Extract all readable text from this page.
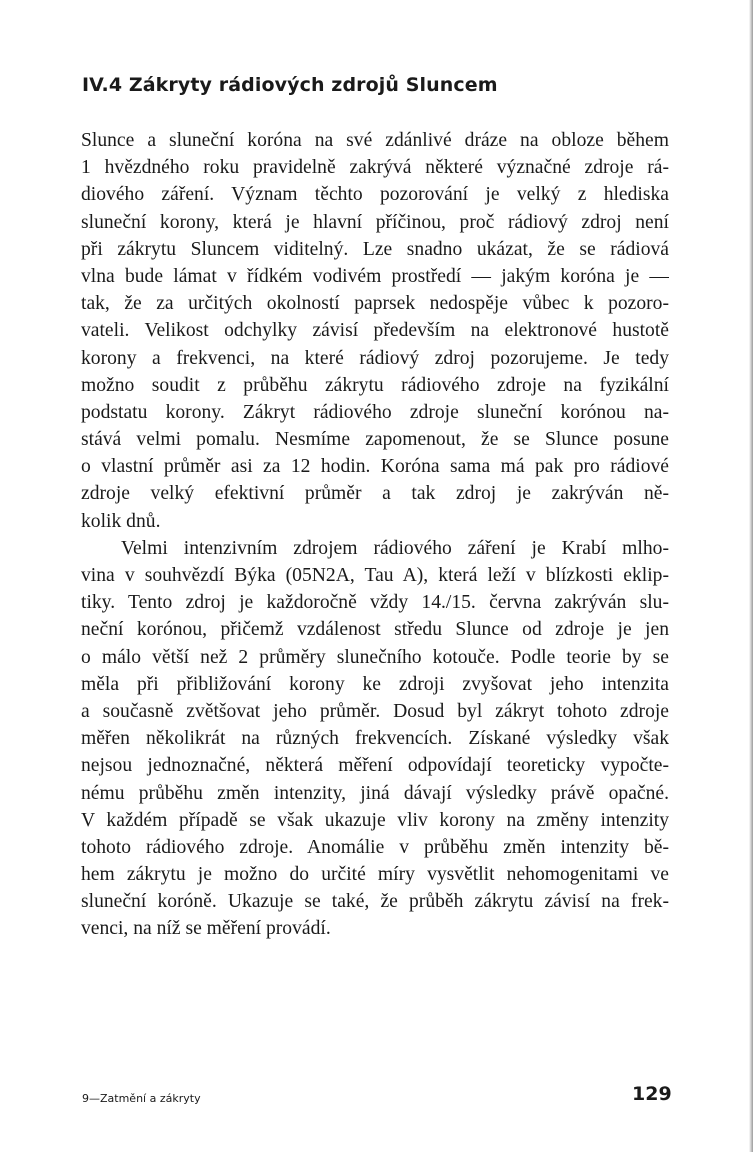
IV.4 Zákryty rádiových zdrojů Sluncem
Slunce a sluneční koróna na své zdánlivé dráze na obloze během
1 hvězdného roku pravidelně zakrývá některé význačné zdroje rá-
diového záření. Význam těchto pozorování je velký z hlediska
sluneční korony, která je hlavní příčinou, proč rádiový zdroj není
při zákrytu Sluncem viditelný. Lze snadno ukázat, že se rádiová
vlna bude lámat v řídkém vodivém prostředí — jakým koróna je —
tak, že za určitých okolností paprsek nedospěje vůbec k pozoro-
vateli. Velikost odchylky závisí především na elektronové hustotě
korony a frekvenci, na které rádiový zdroj pozorujeme. Je tedy
možno soudit z průběhu zákrytu rádiového zdroje na fyzikální
podstatu korony. Zákryt rádiového zdroje sluneční korónou na-
stává velmi pomalu. Nesmíme zapomenout, že se Slunce posune
o vlastní průměr asi za 12 hodin. Koróna sama má pak pro rádiové
zdroje velký efektivní průměr a tak zdroj je zakrýván ně-
kolik dnů.
Velmi intenzivním zdrojem rádiového záření je Krabí mlho-
vina v souhvězdí Býka (05N2A, Tau A), která leží v blízkosti eklip-
tiky. Tento zdroj je každoročně vždy 14./15. června zakrýván slu-
neční korónou, přičemž vzdálenost středu Slunce od zdroje je jen
o málo větší než 2 průměry slunečního kotouče. Podle teorie by se
měla při přibližování korony ke zdroji zvyšovat jeho intenzita
a současně zvětšovat jeho průměr. Dosud byl zákryt tohoto zdroje
měřen několikrát na různých frekvencích. Získané výsledky však
nejsou jednoznačné, některá měření odpovídají teoreticky vypočte-
nému průběhu změn intenzity, jiná dávají výsledky právě opačné.
V každém případě se však ukazuje vliv korony na změny intenzity
tohoto rádiového zdroje. Anomálie v průběhu změn intenzity bě-
hem zákrytu je možno do určité míry vysvětlit nehomogenitami ve
sluneční koróně. Ukazuje se také, že průběh zákrytu závisí na frek-
venci, na níž se měření provádí.
9—Zatmění a zákryty	129
